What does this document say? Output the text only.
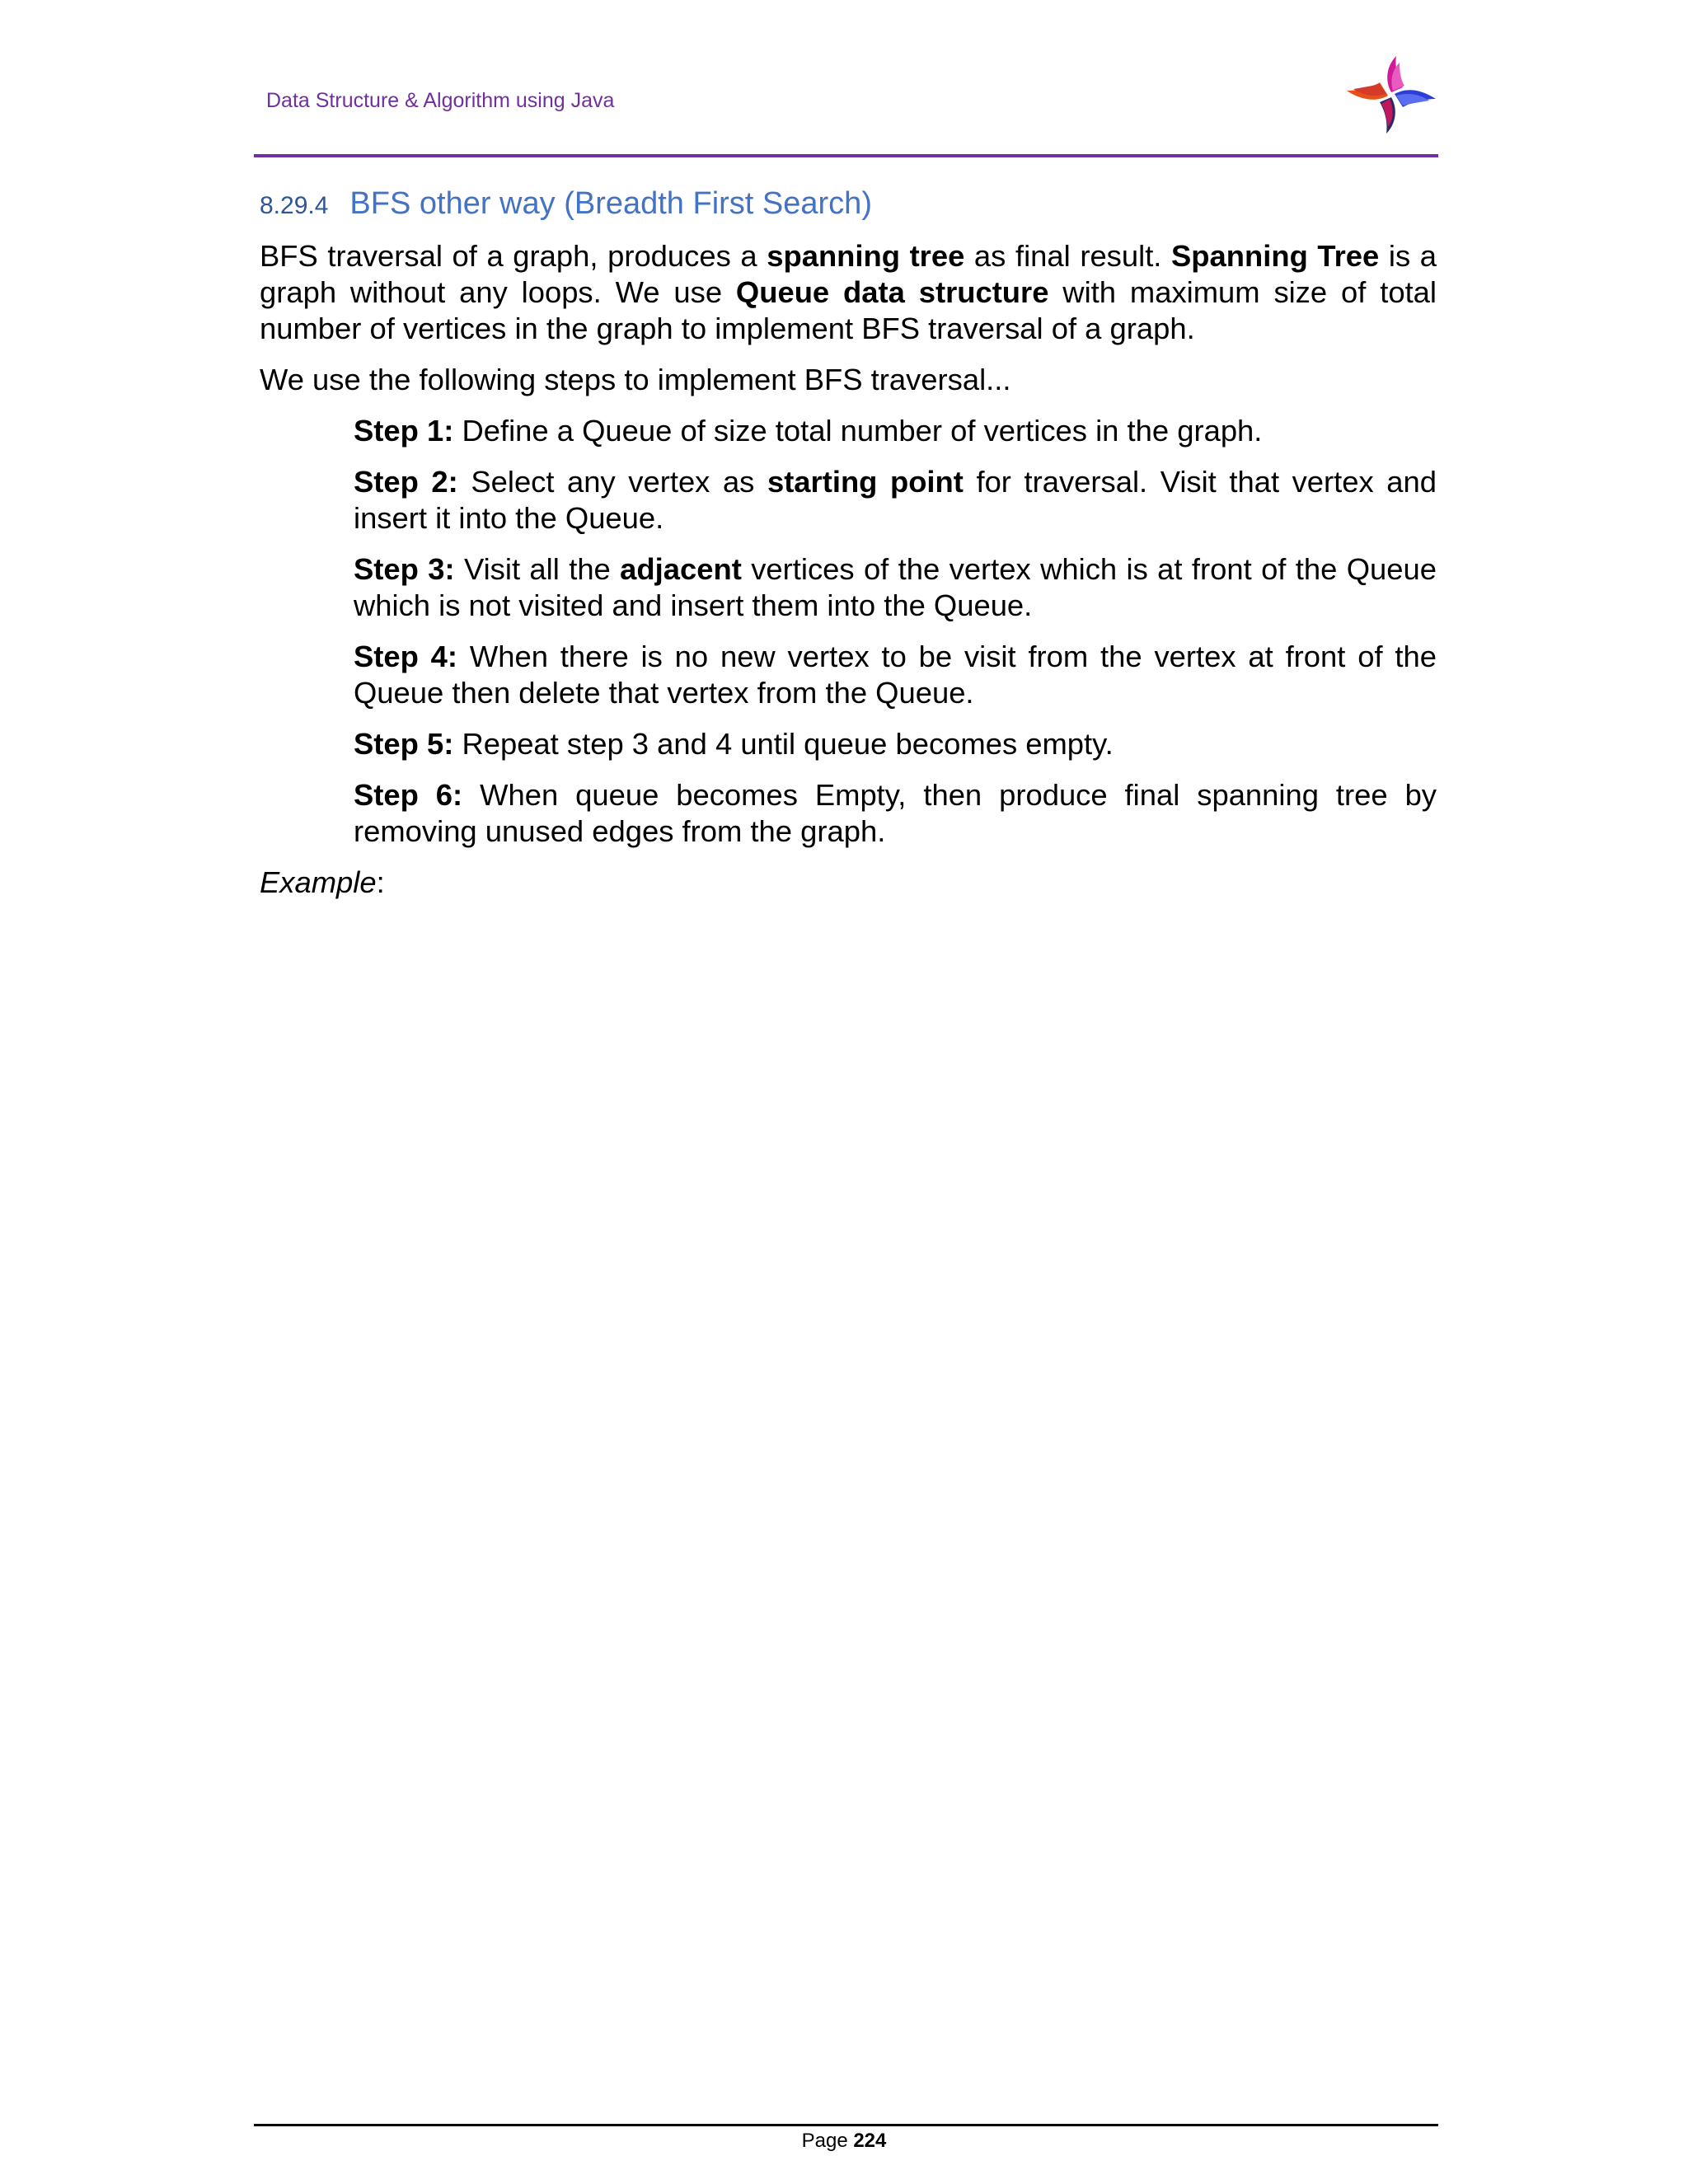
Data Structure & Algorithm using Java
8.29.4 BFS other way (Breadth First Search)

BFS traversal of a graph, produces a spanning tree as final result. Spanning Tree is a graph without any loops. We use Queue data structure with maximum size of total number of vertices in the graph to implement BFS traversal of a graph.

We use the following steps to implement BFS traversal...

Step 1: Define a Queue of size total number of vertices in the graph.

Step 2: Select any vertex as starting point for traversal. Visit that vertex and insert it into the Queue.

Step 3: Visit all the adjacent vertices of the vertex which is at front of the Queue which is not visited and insert them into the Queue.

Step 4: When there is no new vertex to be visit from the vertex at front of the Queue then delete that vertex from the Queue.

Step 5: Repeat step 3 and 4 until queue becomes empty.

Step 6: When queue becomes Empty, then produce final spanning tree by removing unused edges from the graph.

Example:

Page 224
